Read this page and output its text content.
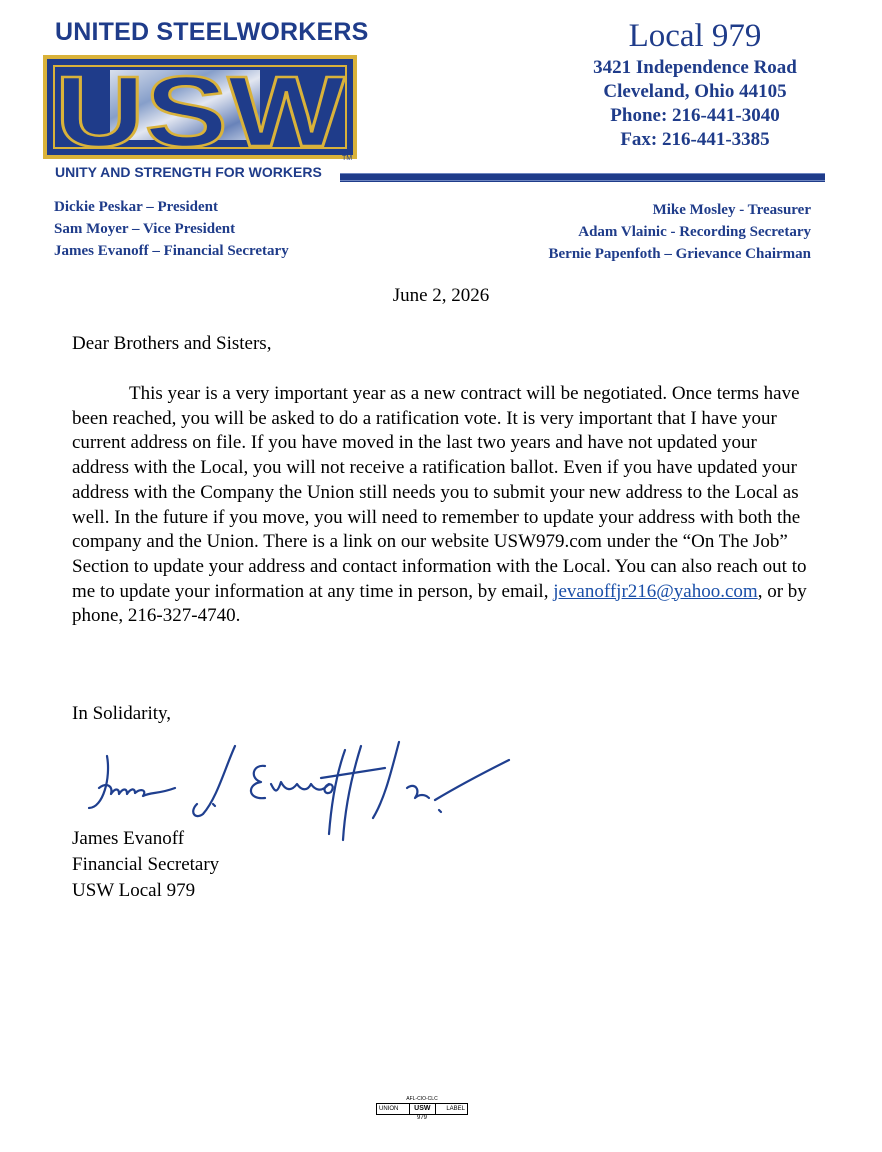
UNITED STEELWORKERS
USW
TM
UNITY AND STRENGTH FOR WORKERS

Local 979

3421 Independence Road

Cleveland, Ohio 44105

Phone: 216-441-3040

Fax: 216-441-3385

Dickie Peskar – President
Sam Moyer – Vice President
James Evanoff – Financial Secretary
Mike Mosley - Treasurer
Adam Vlainic - Recording Secretary
Bernie Papenfoth – Grievance Chairman
June 2, 2026
Dear Brothers and Sisters,

This year is a very important year as a new contract will be negotiated. Once terms have been reached, you will be asked to do a ratification vote. It is very important that I have your current address on file. If you have moved in the last two years and have not updated your address with the Local, you will not receive a ratification ballot. Even if you have updated your address with the Company the Union still needs you to submit your new address to the Local as well. In the future if you move, you will need to remember to update your address with both the company and the Union. There is a link on our website USW979.com under the “On The Job” Section to update your address and contact information with the Local. You can also reach out to me to update your information at any time in person, by email, jevanoffjr216@yahoo.com, or by phone, 216-327-4740.

In Solidarity,
James Evanoff
Financial Secretary
USW Local 979
AFL-CIO-CLC
UNION	USW	LABEL
979
